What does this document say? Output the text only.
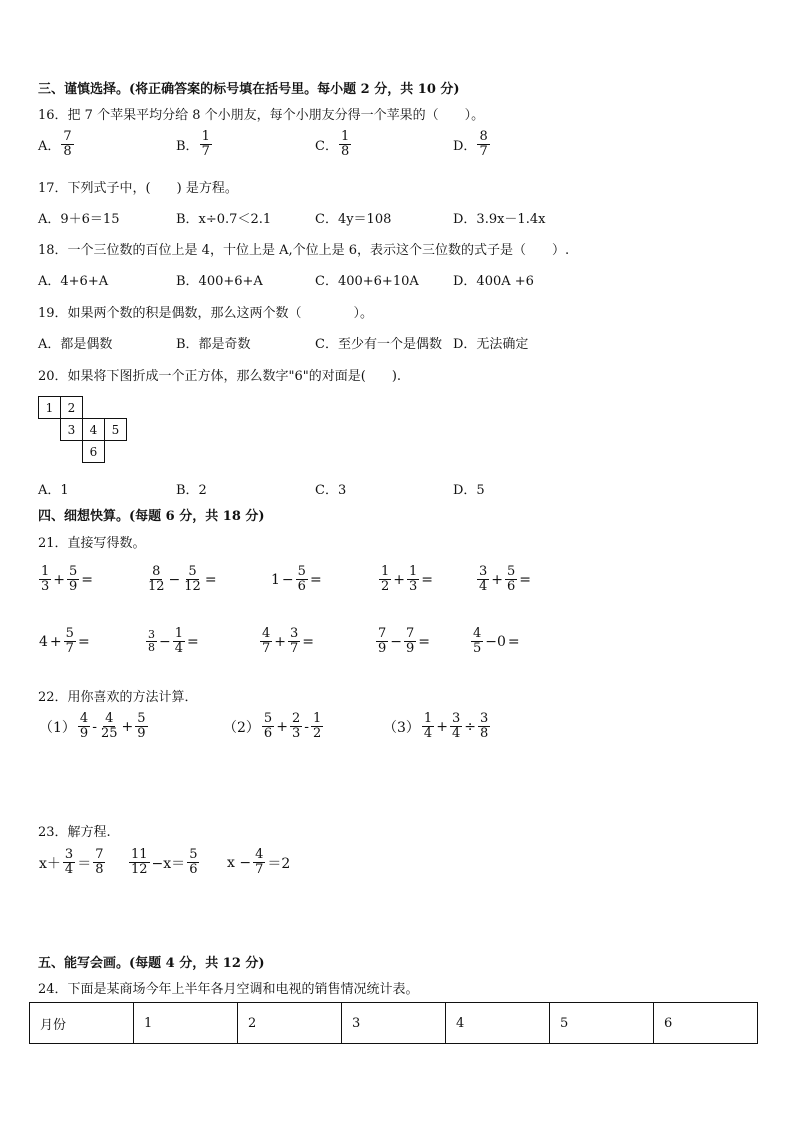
三、谨慎选择。(将正确答案的标号填在括号里。每小题 2 分，共 10 分)
16．把 7 个苹果平均分给 8 个小朋友，每个小朋友分得一个苹果的（　　）。
A． $\frac{7}{8}$	B． $\frac{1}{7}$	C． $\frac{1}{8}$	D． $\frac{8}{7}$
17．下列式子中，(　　) 是方程。
A．9＋6＝15	B．x÷0.7＜2.1	C．4y＝108	D．3.9x－1.4x
18．一个三位数的百位上是 4，十位上是 A,个位上是 6，表示这个三位数的式子是（　　）.
A．4+6+A	B．400+6+A	C．400+6+10A	D．400A +6
19．如果两个数的积是偶数，那么这两个数（　　　　）。
A．都是偶数	B．都是奇数	C．至少有一个是偶数 D．无法确定
20．如果将下图折成一个正方体，那么数字"6"的对面是(　　).
1	2		
	3	4	5
		6	
A．1	B．2	C．3	D．5
四、细想快算。(每题 6 分，共 18 分)
21．直接写得数。
$\frac{1}{3} + \frac{5}{9}$ =	$\frac{8}{12} - \frac{5}{12}$ =	$1 - \frac{5}{6}$ =	$\frac{1}{2} + \frac{1}{3}$ =	$\frac{3}{4} + \frac{5}{6}$ =
$4 + \frac{5}{7}$ =	$\frac{3}{8} - \frac{1}{4}$ =	$\frac{4}{7} + \frac{3}{7}$ =	$\frac{7}{9} - \frac{7}{9}$ =	$\frac{4}{5} -0$ =
22．用你喜欢的方法计算．
$(1) \frac{4}{9} - \frac{4}{25} + \frac{5}{9}$	$(2) \frac{5}{6} + \frac{2}{3} - \frac{1}{2}$	$(3) \frac{1}{4} + \frac{3}{4} \div \frac{3}{8}$
23．解方程.
$x+ \frac{3}{4} = \frac{7}{8} \frac{11}{12} -x= \frac{5}{6}$ $x - \frac{4}{7} =2$
五、能写会画。(每题 4 分，共 12 分)
24．下面是某商场今年上半年各月空调和电视的销售情况统计表。
月份	1	2	3	4	5	6
